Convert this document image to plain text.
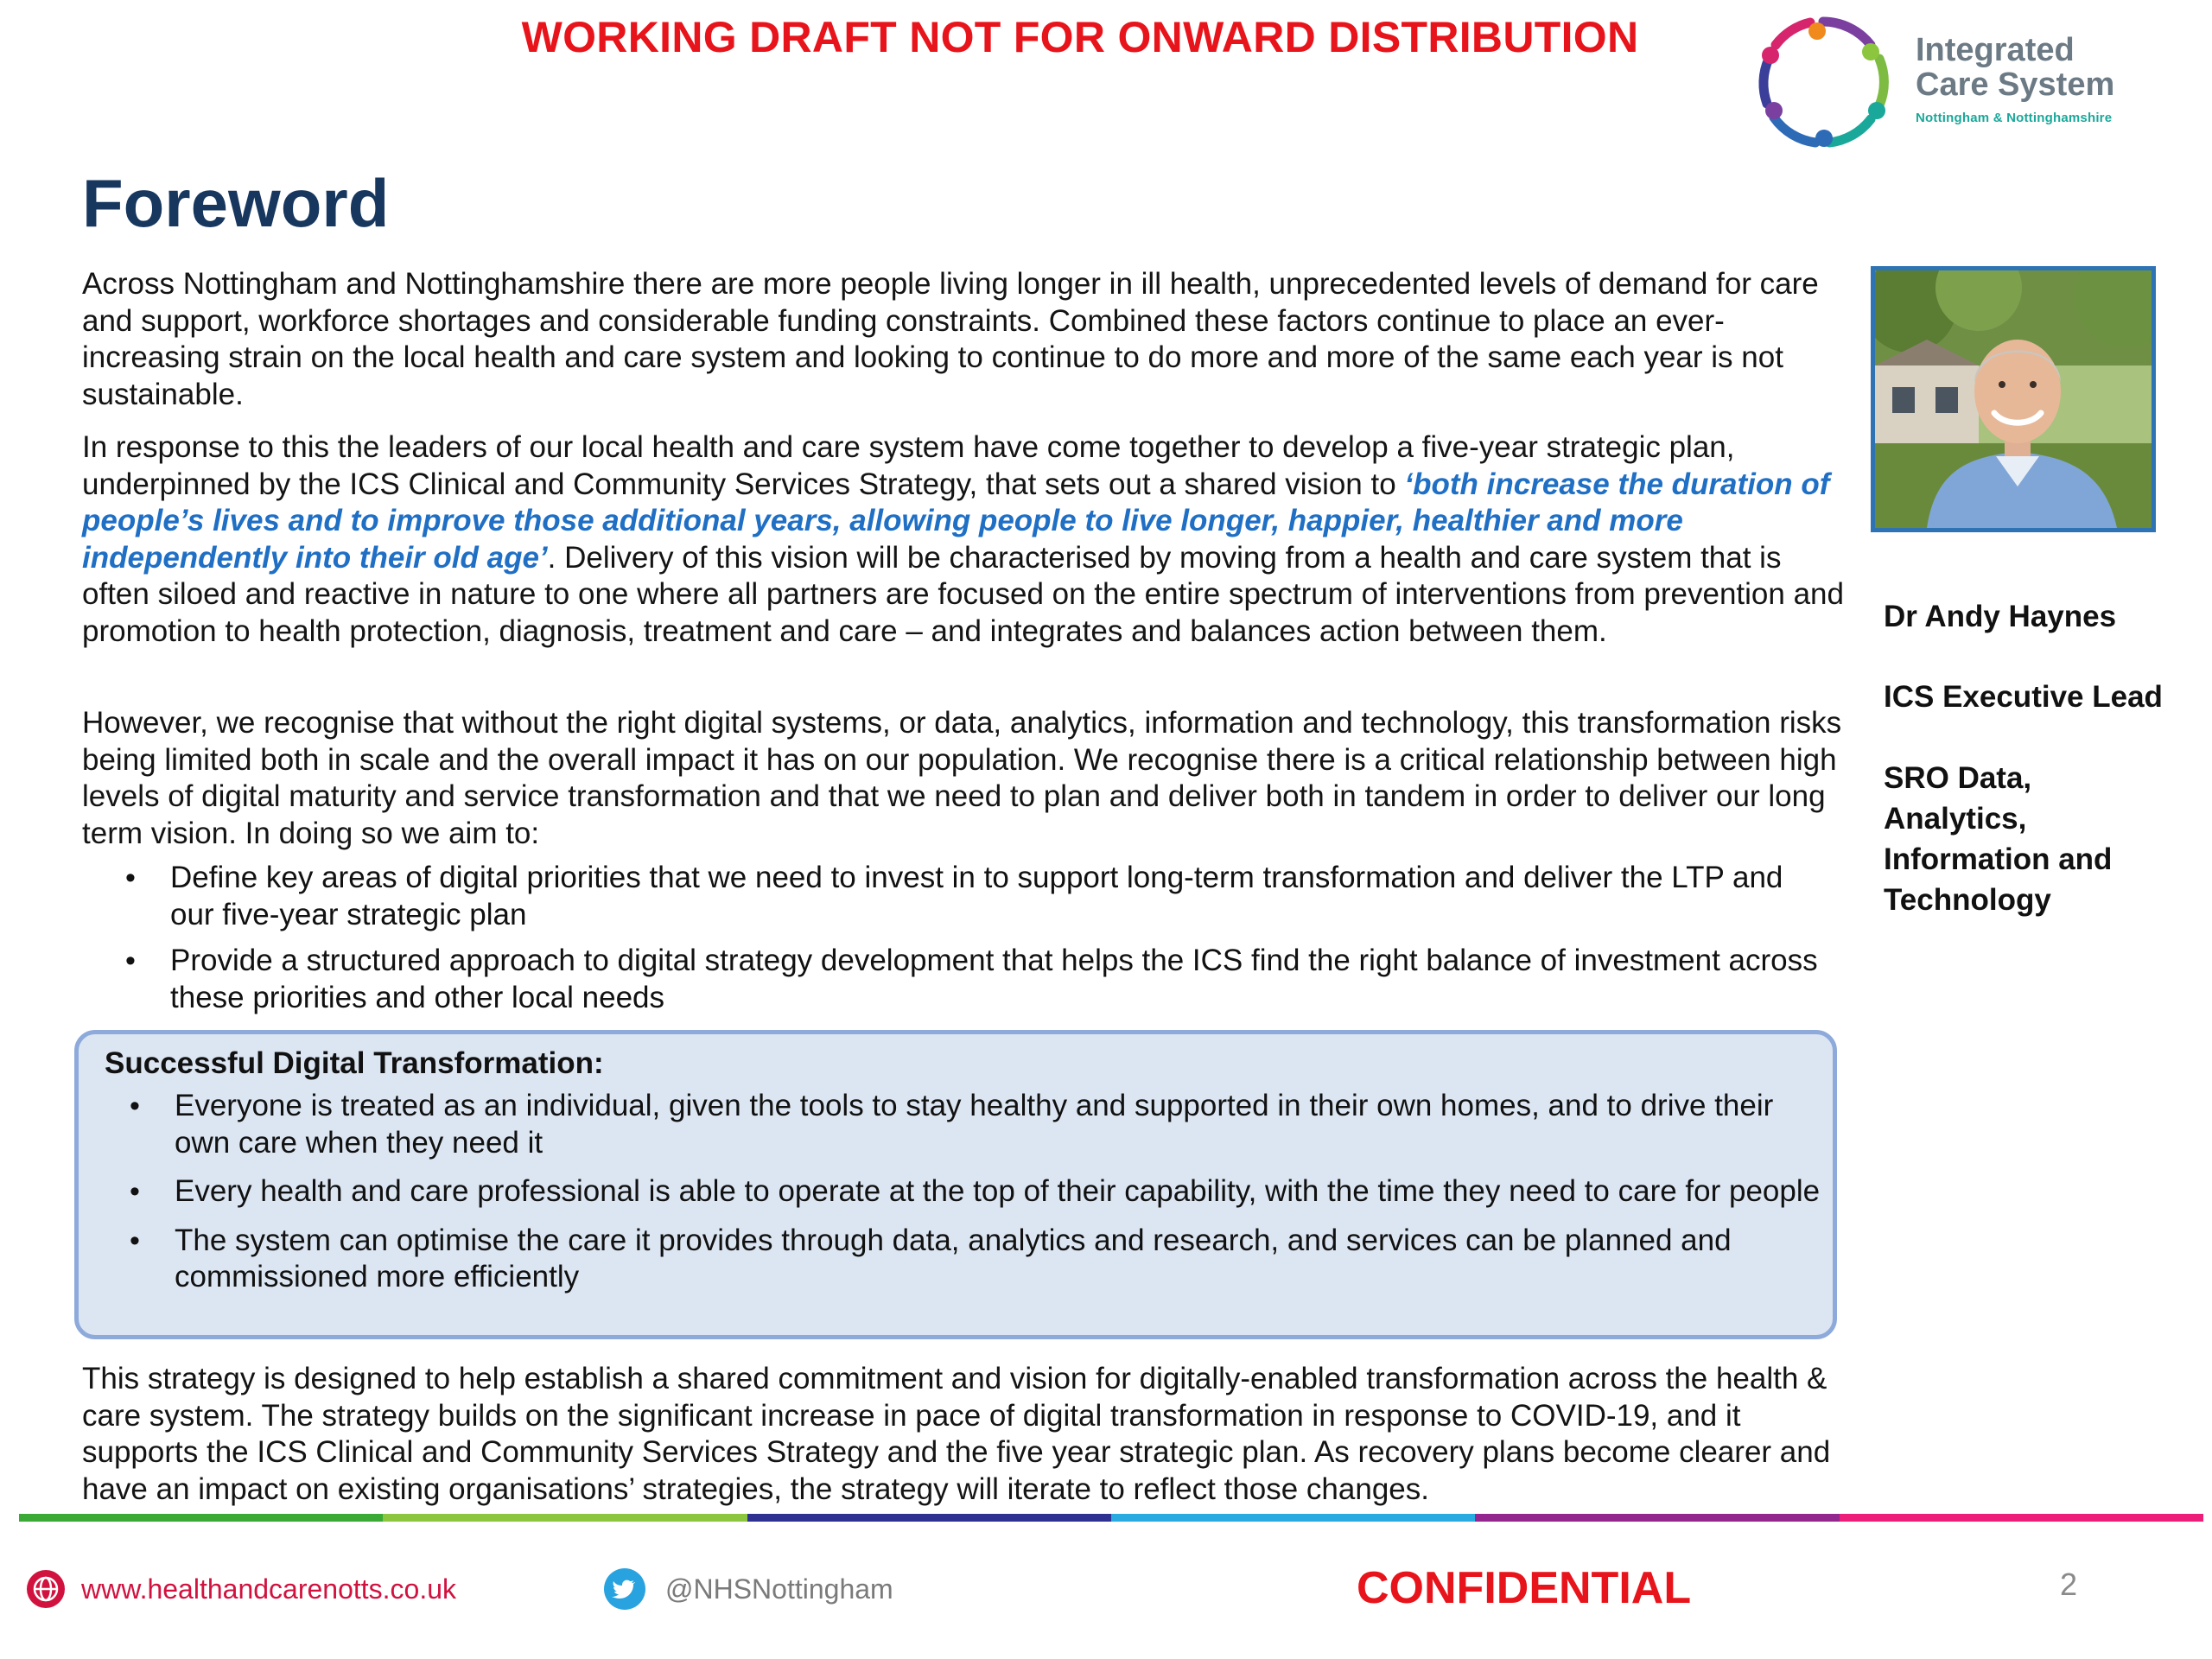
WORKING DRAFT NOT FOR ONWARD DISTRIBUTION	Integrated
Care System
Nottingham & Nottinghamshire
Foreword
Across Nottingham and Nottinghamshire there are more people living longer in ill health, unprecedented levels of demand for care and support, workforce shortages and considerable funding constraints. Combined these factors continue to place an ever-increasing strain on the local health and care system and looking to continue to do more and more of the same each year is not sustainable.
In response to this the leaders of our local health and care system have come together to develop a five-year strategic plan, underpinned by the ICS Clinical and Community Services Strategy, that sets out a shared vision to ‘both increase the duration of people’s lives and to improve those additional years, allowing people to live longer, happier, healthier and more independently into their old age’. Delivery of this vision will be characterised by moving from a health and care system that is often siloed and reactive in nature to one where all partners are focused on the entire spectrum of interventions from prevention and promotion to health protection, diagnosis, treatment and care – and integrates and balances action between them.
However, we recognise that without the right digital systems, or data, analytics, information and technology, this transformation risks being limited both in scale and the overall impact it has on our population. We recognise there is a critical relationship between high levels of digital maturity and service transformation and that we need to plan and deliver both in tandem in order to deliver our long term vision. In doing so we aim to:
• Define key areas of digital priorities that we need to invest in to support long-term transformation and deliver the LTP and our five-year strategic plan
• Provide a structured approach to digital strategy development that helps the ICS find the right balance of investment across these priorities and other local needs
Successful Digital Transformation:
• Everyone is treated as an individual, given the tools to stay healthy and supported in their own homes, and to drive their own care when they need it
• Every health and care professional is able to operate at the top of their capability, with the time they need to care for people
• The system can optimise the care it provides through data, analytics and research, and services can be planned and commissioned more efficiently
This strategy is designed to help establish a shared commitment and vision for digitally-enabled transformation across the health & care system. The strategy builds on the significant increase in pace of digital transformation in response to COVID-19, and it supports the ICS Clinical and Community Services Strategy and the five year strategic plan. As recovery plans become clearer and have an impact on existing organisations’ strategies, the strategy will iterate to reflect those changes.
Dr Andy Haynes
ICS Executive Lead
SRO Data, Analytics, Information and Technology
www.healthandcarenotts.co.uk	@NHSNottingham	CONFIDENTIAL	2
